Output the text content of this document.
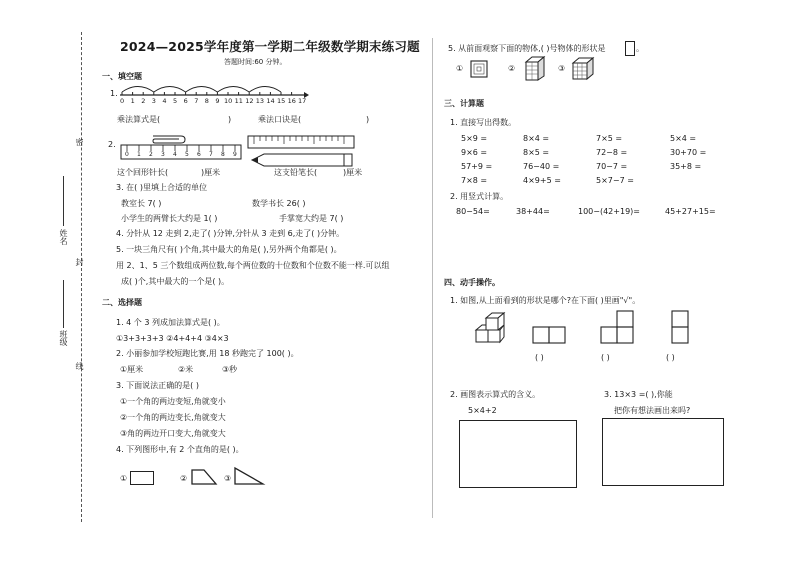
密
封
线
姓名
班级
2024—2025学年度第一学期二年级数学期末练习题
答题时间:60 分钟。
一、填空题
1.
0 1 2 3 4 5 6 7 8 9 10 11 12 13 14 15 16 17
乘法算式是(	)	乘法口诀是(	)
2.
0 1 2 3 4 5 6 7 8 9
这个回形针长(	)厘米	这支铅笔长(	)厘米
3. 在( )里填上合适的单位
教室长 7( )	数学书长 26( )
小学生的两臂长大约是 1( )	手掌宽大约是 7( )
4. 分针从 12 走到 2,走了( )分钟,分针从 3 走到 6,走了( )分钟。
5. 一块三角尺有( )个角,其中最大的角是( ),另外两个角都是( )。
用 2、1、5 三个数组成两位数,每个两位数的十位数和个位数不能一样.可以组
成( )个,其中最大的一个是( )。
二、选择题
1. 4 个 3 列成加法算式是( )。
①3+3+3+3 ②4+4+4 ③4×3
2. 小丽参加学校短跑比赛,用 18 秒跑完了 100( )。
①厘米	②米	③秒
3. 下面说法正确的是( )
①一个角的两边变短,角就变小
②一个角的两边变长,角就变大
③角的两边开口变大,角就变大
4. 下列图形中,有 2 个直角的是( )。
①	②	③
5. 从前面观察下面的物体,( )号物体的形状是	。
①	②	③
三、计算题
1. 直接写出得数。
5×9 =	8×4 =	7×5 =	5×4 =
9×6 =	8×5 =	72−8 =	30+70 =
57+9 =	76−40 =	70−7 =	35+8 =
7×8 =	4×9+5 =	5×7−7 =
2. 用竖式计算。
80−54=	38+44=	100−(42+19)=	45+27+15=
四、动手操作。
1. 如图,从上面看到的形状是哪个?在下面( )里画"√"。
( )	( )	( )
2. 画图表示算式的含义。
5×4+2
3. 13×3 =( ),你能
把你有想法画出来吗?
